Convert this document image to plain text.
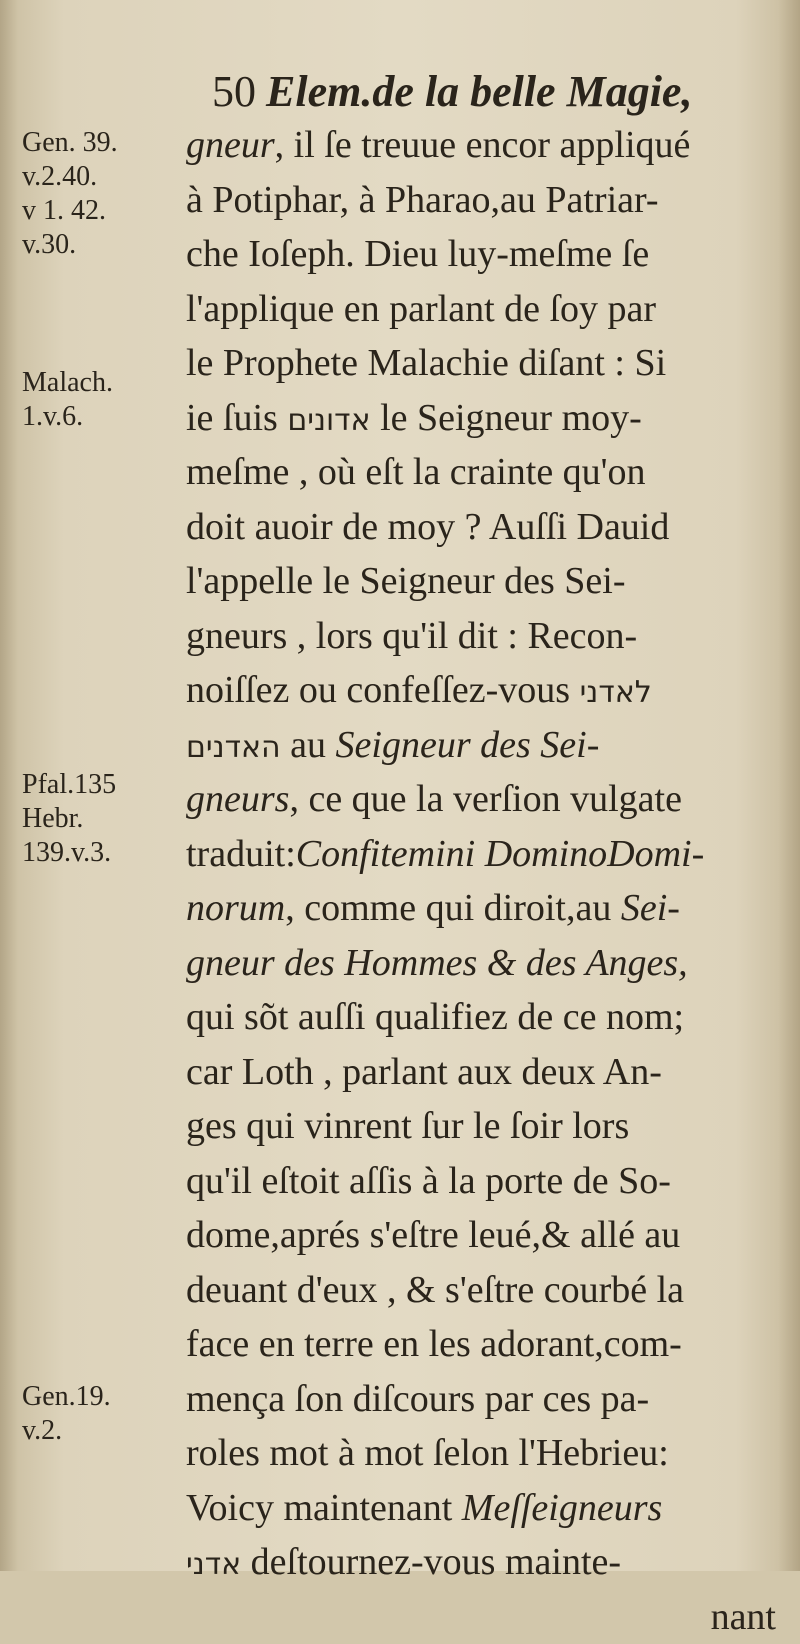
50 Elem.de la belle Magie,
Gen. 39.
v.2.40.
v 1. 42.
v.30.
Malach.
1.v.6.
Pfal.135
Hebr.
139.v.3.
Gen.19.
v.2.
gneur, il ſe treuue encor appliqué
à Potiphar, à Pharao,au Patriar-
che Ioſeph. Dieu luy-meſme ſe
l'applique en parlant de ſoy par
le Prophete Malachie diſant : Si
ie ſuis אדונים le Seigneur moy-
meſme , où eſt la crainte qu'on
doit auoir de moy ? Auſſi Dauid
l'appelle le Seigneur des Sei-
gneurs , lors qu'il dit : Recon-
noiſſez ou confeſſez-vous לאדני
האדנים au Seigneur des Sei-
gneurs, ce que la verſion vulgate
traduit:Confitemini DominoDomi-
norum, comme qui diroit,au Sei-
gneur des Hommes & des Anges,
qui sõt auſſi qualifiez de ce nom;
car Loth , parlant aux deux An-
ges qui vinrent ſur le ſoir lors
qu'il eſtoit aſſis à la porte de So-
dome,aprés s'eſtre leué,& allé au
deuant d'eux , & s'eſtre courbé la
face en terre en les adorant,com-
mença ſon diſcours par ces pa-
roles mot à mot ſelon l'Hebrieu:
Voicy maintenant Meſſeigneurs
אדני deſtournez-vous mainte-
nant
